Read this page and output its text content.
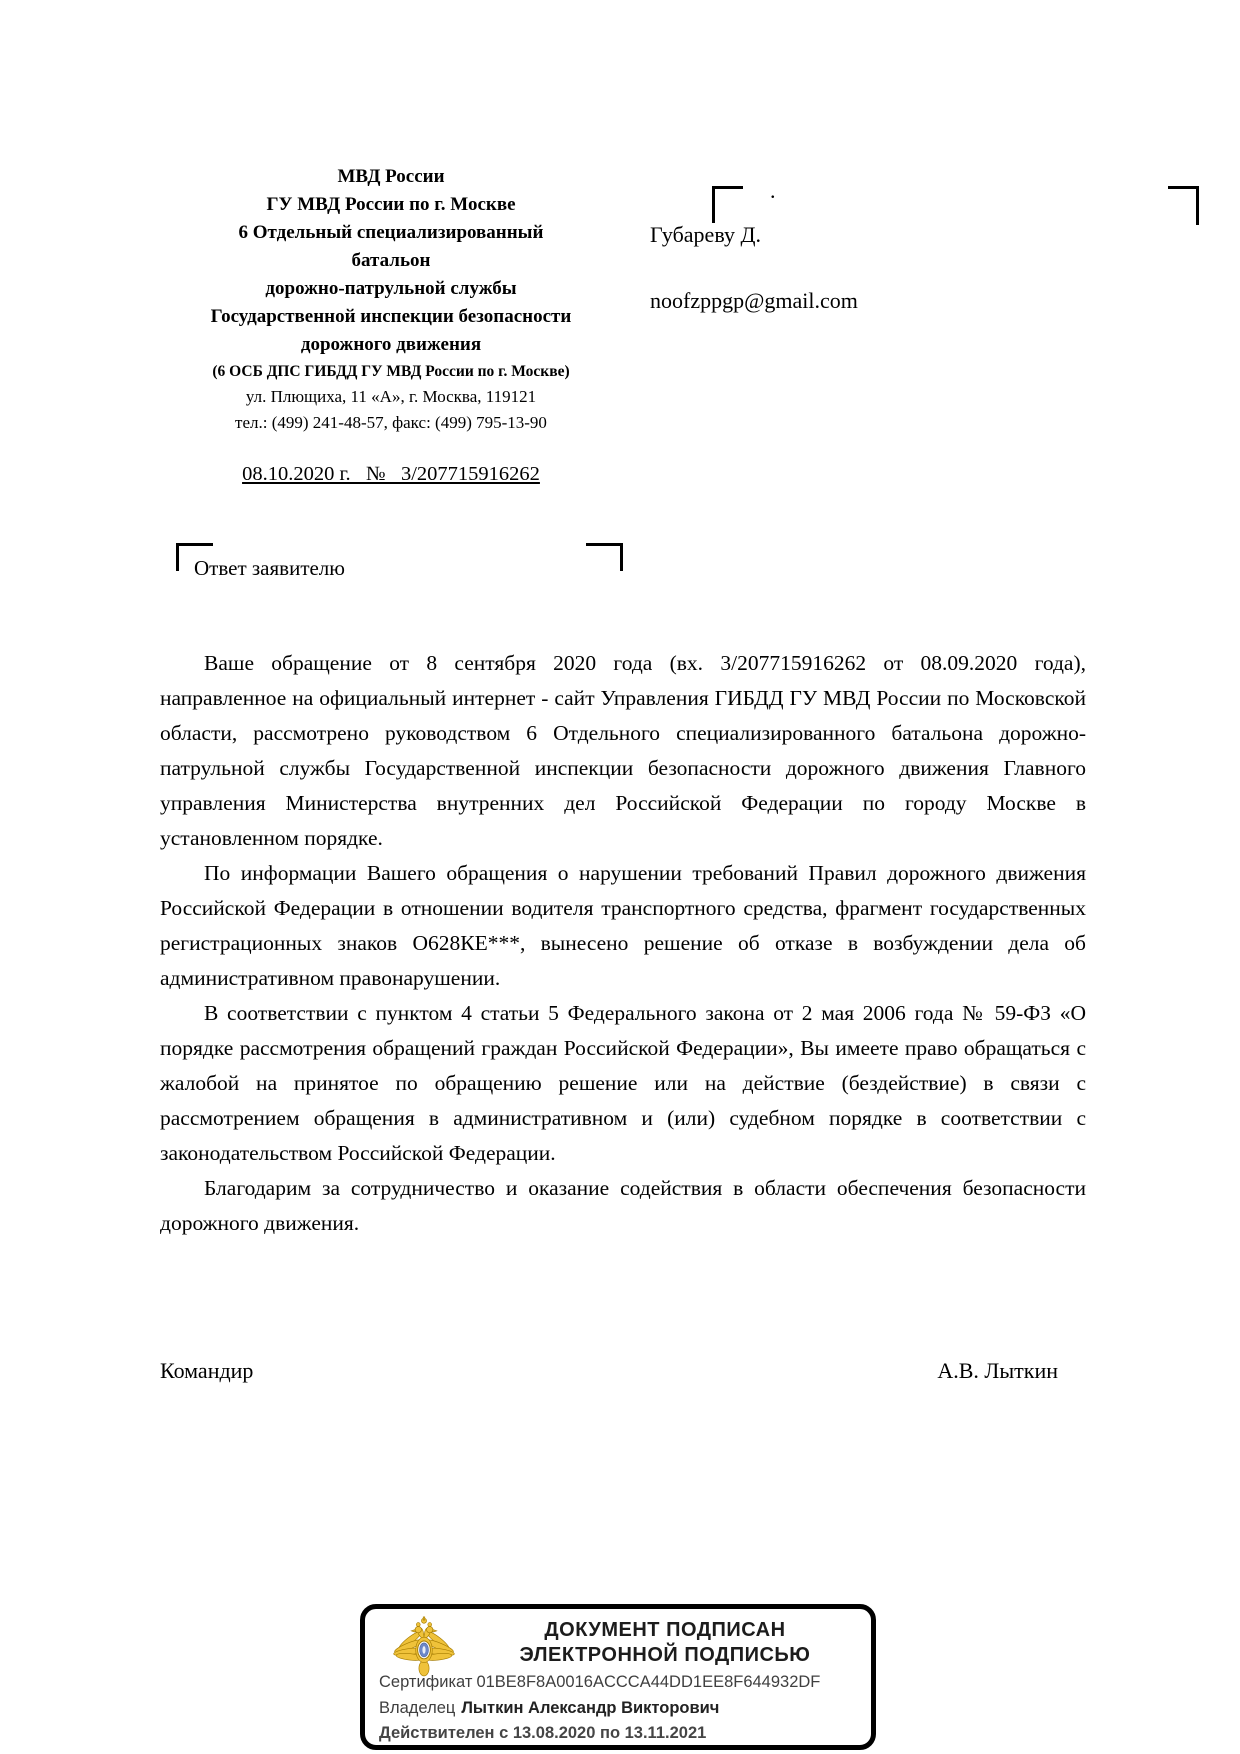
МВД России
ГУ МВД России по г. Москве
6 Отдельный специализированный
батальон
дорожно-патрульной службы
Государственной инспекции безопасности
дорожного движения
(6 ОСБ ДПС ГИБДД ГУ МВД России по г. Москве)
ул. Плющиха, 11 «А», г. Москва, 119121
тел.: (499) 241-48-57, факс: (499) 795-13-90
08.10.2020 г.   №   3/207715916262
.
Губареву Д.
noofzppgp@gmail.com
Ответ заявителю

Ваше обращение от 8 сентября 2020 года (вх. 3/207715916262 от 08.09.2020 года), направленное на официальный интернет - сайт Управления ГИБДД ГУ МВД России по Московской области, рассмотрено руководством 6 Отдельного специализированного батальона дорожно-патрульной службы Государственной инспекции безопасности дорожного движения Главного управления Министерства внутренних дел Российской Федерации по городу Москве в установленном порядке.

По информации Вашего обращения о нарушении требований Правил дорожного движения Российской Федерации в отношении водителя транспортного средства, фрагмент государственных регистрационных знаков О628КЕ***, вынесено решение об отказе в возбуждении дела об административном правонарушении.

В соответствии с пунктом 4 статьи 5 Федерального закона от 2 мая 2006 года № 59-ФЗ «О порядке рассмотрения обращений граждан Российской Федерации», Вы имеете право обращаться с жалобой на принятое по обращению решение или на действие (бездействие) в связи с рассмотрением обращения в административном и (или) судебном порядке в соответствии с законодательством Российской Федерации.

Благодарим за сотрудничество и оказание содействия в области обеспечения безопасности дорожного движения.

Командир	А.В. Лыткин
ДОКУМЕНТ ПОДПИСАН
ЭЛЕКТРОННОЙ ПОДПИСЬЮ
Сертификат 01BE8F8A0016ACCCA44DD1EE8F644932DF
Владелец Лыткин Александр Викторович
Действителен с 13.08.2020 по 13.11.2021
